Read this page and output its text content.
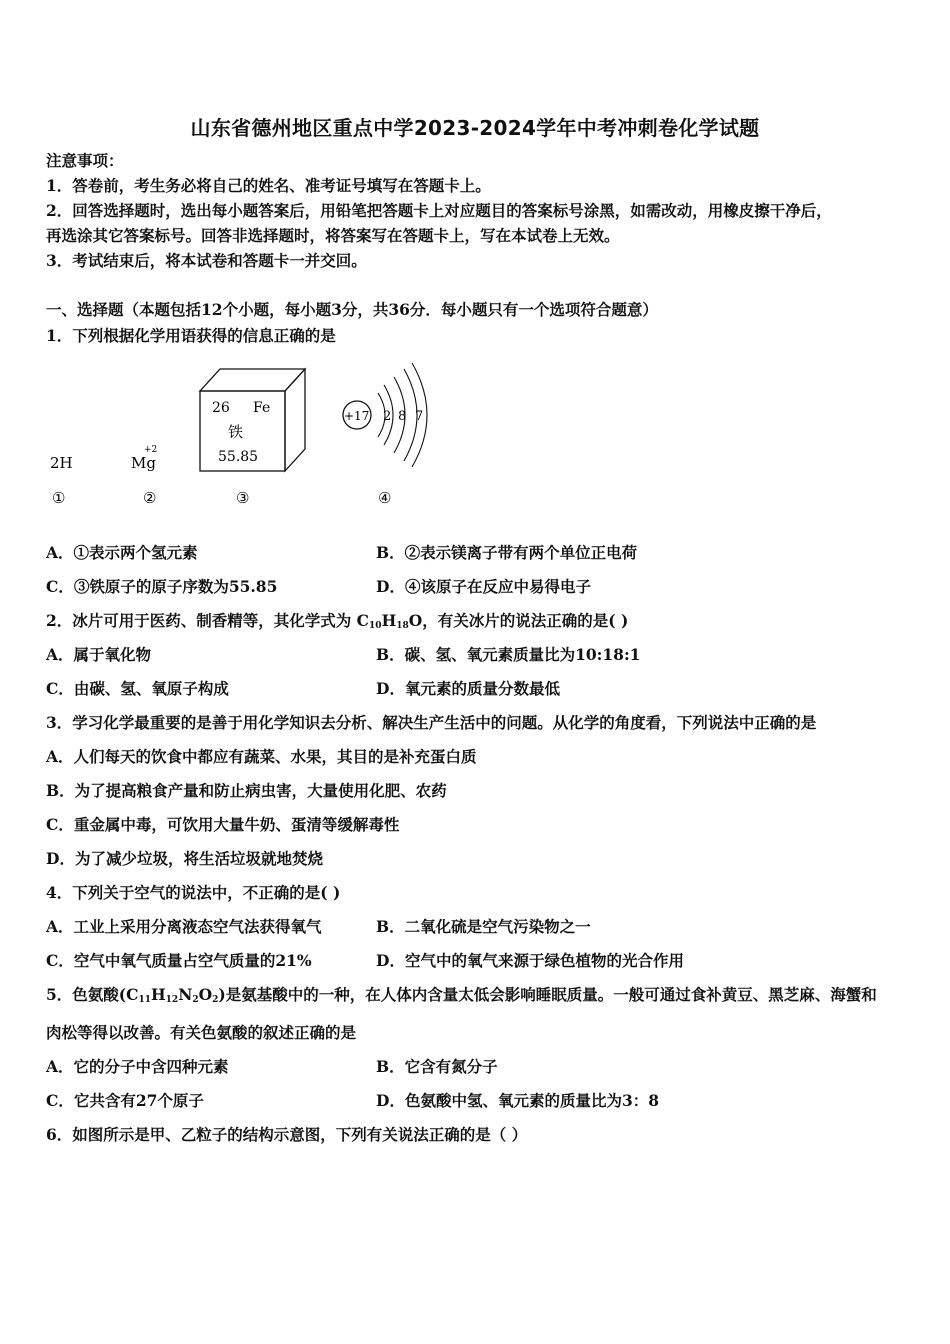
山东省德州地区重点中学2023-2024学年中考冲刺卷化学试题
注意事项：
1．答卷前，考生务必将自己的姓名、准考证号填写在答题卡上。
2．回答选择题时，选出每小题答案后，用铅笔把答题卡上对应题目的答案标号涂黑，如需改动，用橡皮擦干净后，
再选涂其它答案标号。回答非选择题时，将答案写在答题卡上，写在本试卷上无效。
3．考试结束后，将本试卷和答题卡一并交回。
一、选择题（本题包括12个小题，每小题3分，共36分．每小题只有一个选项符合题意）
1．下列根据化学用语获得的信息正确的是
2H
+2
Mg
26 Fe
铁
55.85
+17 2 8 7
①	②	③	④
A．①表示两个氢元素	B．②表示镁离子带有两个单位正电荷
C．③铁原子的原子序数为55.85	D．④该原子在反应中易得电子
2．冰片可用于医药、制香精等，其化学式为 $C_{10}H_{18}O$，有关冰片的说法正确的是( )
A．属于氧化物	B．碳、氢、氧元素质量比为10:18:1
C．由碳、氢、氧原子构成	D．氧元素的质量分数最低
3．学习化学最重要的是善于用化学知识去分析、解决生产生活中的问题。从化学的角度看，下列说法中正确的是
A．人们每天的饮食中都应有蔬菜、水果，其目的是补充蛋白质
B．为了提高粮食产量和防止病虫害，大量使用化肥、农药
C．重金属中毒，可饮用大量牛奶、蛋清等缓解毒性
D．为了减少垃圾，将生活垃圾就地焚烧
4．下列关于空气的说法中，不正确的是( )
A．工业上采用分离液态空气法获得氧气	B．二氧化硫是空气污染物之一
C．空气中氧气质量占空气质量的21%	D．空气中的氧气来源于绿色植物的光合作用
5．色氨酸$(C_{11}H_{12}N_2O_2)$是氨基酸中的一种，在人体内含量太低会影响睡眠质量。一般可通过食补黄豆、黑芝麻、海蟹和
肉松等得以改善。有关色氨酸的叙述正确的是
A．它的分子中含四种元素	B．它含有氮分子
C．它共含有27个原子	D．色氨酸中氢、氧元素的质量比为3：8
6．如图所示是甲、乙粒子的结构示意图，下列有关说法正确的是（ ）
